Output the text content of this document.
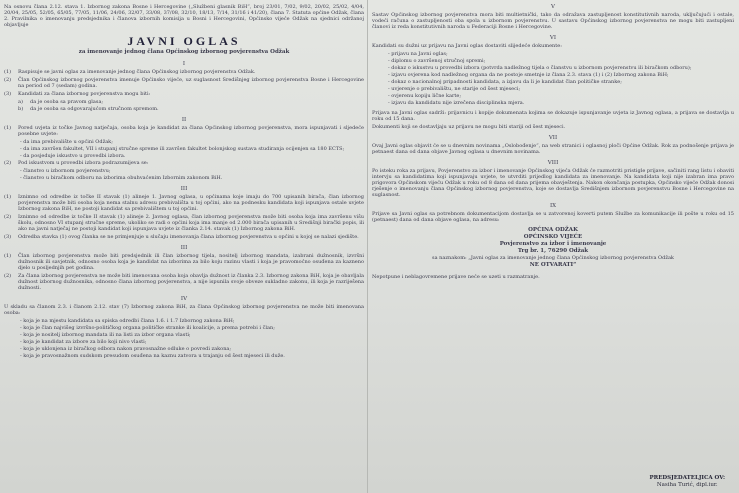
Na osnovu člana 2.12. stava 1. Izbornog zakona Bosne i Hercegovine („Službeni glasnik BiH“, broj 23/01, 7/02, 9/02, 20/02, 25/02, 4/04, 20/04, 25/05, 52/05, 65/05, 77/05, 11/06, 24/06, 32/07, 33/08, 37/08, 32/10, 18/13, 7/14, 31/16 i 41/20), člana 7. Statuta općine Odžak, člana 2. Pravilnika o imenovanju predsjednika i članova izbornih komisija u Bosni i Hercegovini, Općinsko vijeće Odžak na sjednici održanoj objavljuje

JAVNI OGLAS
za imenovanje jednog člana Općinskog izbornog povjerenstva Odžak
I
(1)	Raspisuje se javni oglas za imenovanje jednog člana Općinskog izbornog povjerenstva Odžak.
(2)	Član Općinskog izbornog povjerenstva imenuje Općinsko vijeće, uz suglasnost Središnjeg izbornog povjerenstva Bosne i Hercegovine na period od 7 (sedam) godina.
(3)	Kandidati za člana izbornog povjerenstva mogu biti:
a)	da je osoba sa pravom glasa;
b)	da je osoba sa odgovarajućom stručnom spremom.
II
(1)	Pored uvjeta iz točke Javnog natječaja, osoba koja je kandidat za člana Općinskog izbornog povjerenstva, mora ispunjavati i sljedeće posebne uvjete:
- da ima prebivalište u općini Odžak;
- da ima završen fakultet, VII i stupanj stručne spreme ili završen fakultet bolonjskog sustava studiranja ocijenjen sa 180 ECTS;
- da posjeduje iskustvo u provedbi izbora.
(2)	Pod iskustvom u provedbi izbora podrazumijeva se:
- članstvo u izbornom povjerenstvu;
- članstvo u biračkom odboru na izborima obuhvaćenim Izbornim zakonom BiH.
III
(1)	Iznimno od odredbe iz točke II stavak (1) alineje 1. Javnog oglasa, u općinama koje imaju do 700 upisanih birača, član izbornog povjerenstva može biti osoba koja nema stalnu adresu prebivališta u toj općini, ako na podnesku kandidata koji ispunjava ostale uvjete Izbornog zakona BiH, ne postoji kandidat sa prebivalištem u toj općini.
(2)	Iznimno od odredbe iz točke II stavak (1) alineje 2. Javnog oglasa, član izbornog povjerenstva može biti osoba koja ima završenu višu školu, odnosno VI stupanj stručne spreme, ukoliko se radi o općini koja ima manje od 2.000 birača upisanih u Središnji birački popis, ili ako na javni natječaj ne postoji kandidat koji ispunjava uvjete iz članka 2.14. stavak (1) Izbornog zakona BiH.
(3)	Odredba stavka (1) ovog članka se ne primjenjuje u slučaju imenovanja člana izbornog povjerenstva u općini u kojoj se nalazi sjedište.
III
(1)	Član izbornog povjerenstva može biti predsjednik ili član izbornog tijela, nositelj izbornog mandata, izabrani dužnosnik, izvršni dužnosnik ili savjetnik, odnosno osoba koja je kandidat na izborima za bilo koju razinu vlasti i koja je pravomoćno osuđena za kazneno djelo u posljednjih pet godina.
(2)	Za člana izbornog povjerenstva ne može biti imenovana osoba koja obavlja dužnost iz članka 2.3. Izbornog zakona BiH, koja je obavljala dužnost izbornog dužnosnika, odnosno člana izbornog povjerenstva, a nije ispunila svoje obveze sukladno zakonu, ili koja je razriješena dužnosti.
IV

U skladu sa članom 2.3. i članom 2.12. stav (7) Izbornog zakona BiH, za člana Općinskog izbornog povjerenstva ne može biti imenovana osoba:

- koja je na mjestu kandidata sa spiska odredbi člana 1.6. i 1.7 Izbornog zakona BiH;
- koja je član najvišeg izvršno-političkog organa političke stranke ili koalicije, a prema potrebi i član;
- koja je nositelj izbornog mandata ili na listi za izbor organa vlasti;
- koja je kandidat za izbore za bilo koji nivo vlasti;
- koja je uklonjena iz biračkog odbora nakon pravosnažne odluke o povredi zakona;
- koja je pravosnažnom sudskom presudom osuđena na kaznu zatvora u trajanju od šest mjeseci ili duže.
V

Sastav Općinskog izbornog povjerenstva mora biti multietnički, tako da odražava zastupljenost konstitutivnih naroda, uključujući i ostale, vodeći računa o zastupljenosti oba spola u izbornom povjerenstvu. U sastavu Općinskog izbornog povjerenstva ne mogu biti zastupljeni članovi iz reda konstitutivnih naroda u Federaciji Bosne i Hercegovine.

VI

Kandidati su dužni uz prijavu na Javni oglas dostaviti slijedeće dokumente:

- prijavu na Javni oglas;
- diplomu o završenoj stručnoj spremi;
- dokaz o iskustvu u provedbi izbora (potvrda nadležnog tijela o članstvu u izbornom povjerenstvu ili biračkom odboru);
- izjavu ovjerena kod nadležnog organa da ne postoje smetnje iz člana 2.3. stava (1) i (2) Izbornog zakona BiH;
- dokaz o nacionalnoj pripadnosti kandidata, a izjavu da li je kandidat član političke stranke;
- uvjerenje o prebivalištu, ne starije od šest mjeseci;
- ovjerenu kopiju lične karte;
- izjavu da kandidatu nije izrečena disciplinska mjera.

Prijava na Javni oglas sadrži: prijavnicu i kopije dokumenata kojima se dokazuje ispunjavanje uvjeta iz Javnog oglasa, a prijava se dostavlja u roku od 15 dana.

Dokumenti koji se dostavljaju uz prijavu ne mogu biti stariji od šest mjeseci.

VII

Ovaj Javni oglas objavit će se u dnevnim novinama „Oslobođenje“, na web stranici i oglasnoj ploči Općine Odžak. Rok za podnošenje prijava je petnaest dana od dana objave Javnog oglasa u dnevnim novinama.

VIII

Po isteku roka za prijavu, Povjerenstvo za izbor i imenovanje Općinskog vijeća Odžak će razmotriti pristigle prijave, sačiniti rang listu i obaviti intervju sa kandidatima koji ispunjavaju uvjete, te utvrditi prijedlog kandidata za imenovanje. Na kandidata koji nije izabran ima pravo prigovora Općinskom vijeću Odžak u roku od 8 dana od dana prijema obavještenja. Nakon okončanja postupka, Općinsko vijeće Odžak donosi rješenje o imenovanju člana Općinskog izbornog povjerenstva, koje se dostavlja Središnjem izbornom povjerenstvu Bosne i Hercegovine na suglasnost.

IX

Prijave sa Javni oglas sa potrebnom dokumentacijom dostavlja se u zatvorenoj koverti putem Službe za komunikacije ili pošte u roku od 15 (petnaest) dana od dana objave oglasa, na adresu:

OPĆINA ODŽAK
OPĆINSKO VIJEĆE
Povjerenstvo za izbor i imenovanje
Trg br. 1, 76290 Odžak
sa naznakom: „Javni oglas za imenovanje jednog člana Općinskog izbornog povjerenstva Odžak
NE OTVARATI“

Nepotpune i neblagovremene prijave neće se uzeti u razmatranje.

PREDSJEDATELJICA OV:
Nasiha Turić, dipl.iur.
